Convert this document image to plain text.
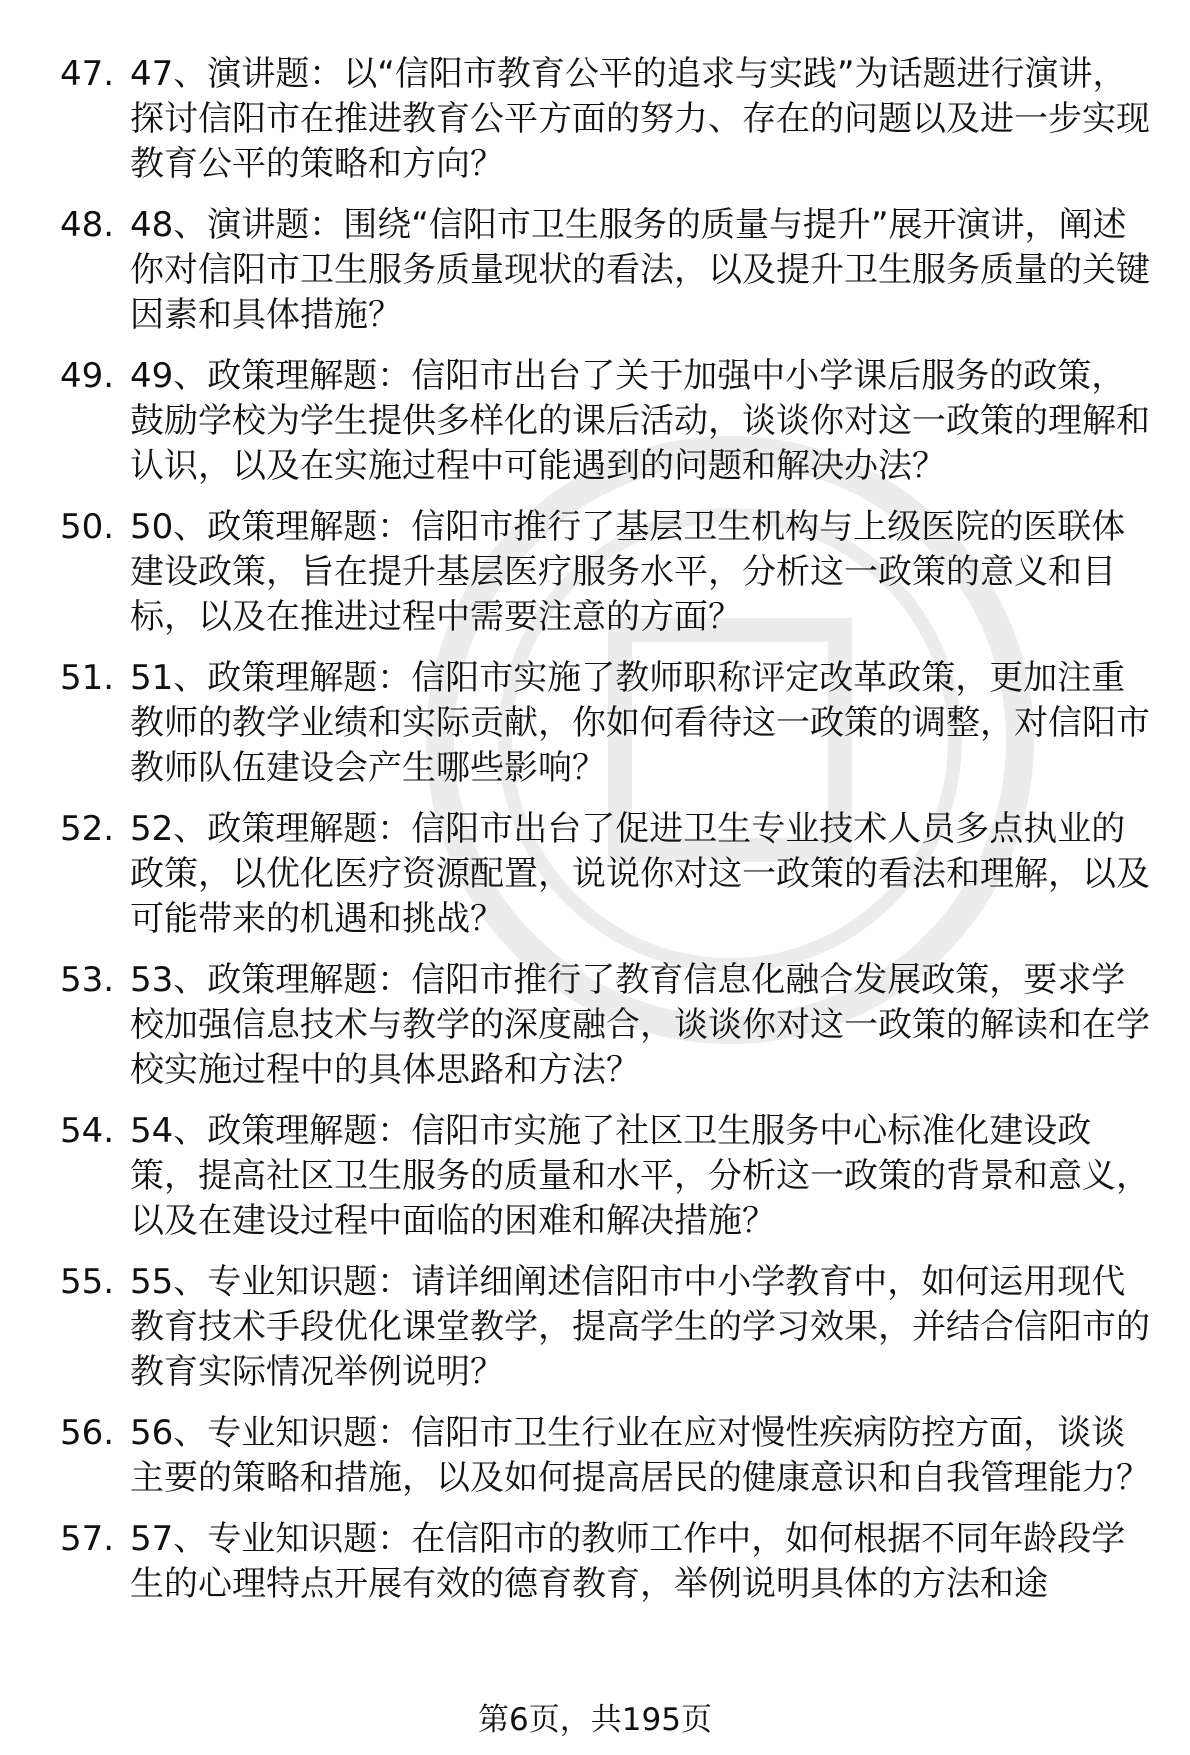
47. 47、演讲题：以“信阳市教育公平的追求与实践”为话题进行演讲，探讨信阳市在推进教育公平方面的努力、存在的问题以及进一步实现教育公平的策略和方向？
48. 48、演讲题：围绕“信阳市卫生服务的质量与提升”展开演讲，阐述你对信阳市卫生服务质量现状的看法，以及提升卫生服务质量的关键因素和具体措施？
49. 49、政策理解题：信阳市出台了关于加强中小学课后服务的政策，鼓励学校为学生提供多样化的课后活动，谈谈你对这一政策的理解和认识，以及在实施过程中可能遇到的问题和解决办法？
50. 50、政策理解题：信阳市推行了基层卫生机构与上级医院的医联体建设政策，旨在提升基层医疗服务水平，分析这一政策的意义和目标，以及在推进过程中需要注意的方面？
51. 51、政策理解题：信阳市实施了教师职称评定改革政策，更加注重教师的教学业绩和实际贡献，你如何看待这一政策的调整，对信阳市教师队伍建设会产生哪些影响？
52. 52、政策理解题：信阳市出台了促进卫生专业技术人员多点执业的政策，以优化医疗资源配置，说说你对这一政策的看法和理解，以及可能带来的机遇和挑战？
53. 53、政策理解题：信阳市推行了教育信息化融合发展政策，要求学校加强信息技术与教学的深度融合，谈谈你对这一政策的解读和在学校实施过程中的具体思路和方法？
54. 54、政策理解题：信阳市实施了社区卫生服务中心标准化建设政策，提高社区卫生服务的质量和水平，分析这一政策的背景和意义，以及在建设过程中面临的困难和解决措施？
55. 55、专业知识题：请详细阐述信阳市中小学教育中，如何运用现代教育技术手段优化课堂教学，提高学生的学习效果，并结合信阳市的教育实际情况举例说明？
56. 56、专业知识题：信阳市卫生行业在应对慢性疾病防控方面，谈谈主要的策略和措施，以及如何提高居民的健康意识和自我管理能力？
57. 57、专业知识题：在信阳市的教师工作中，如何根据不同年龄段学生的心理特点开展有效的德育教育，举例说明具体的方法和途
第6页，共195页
